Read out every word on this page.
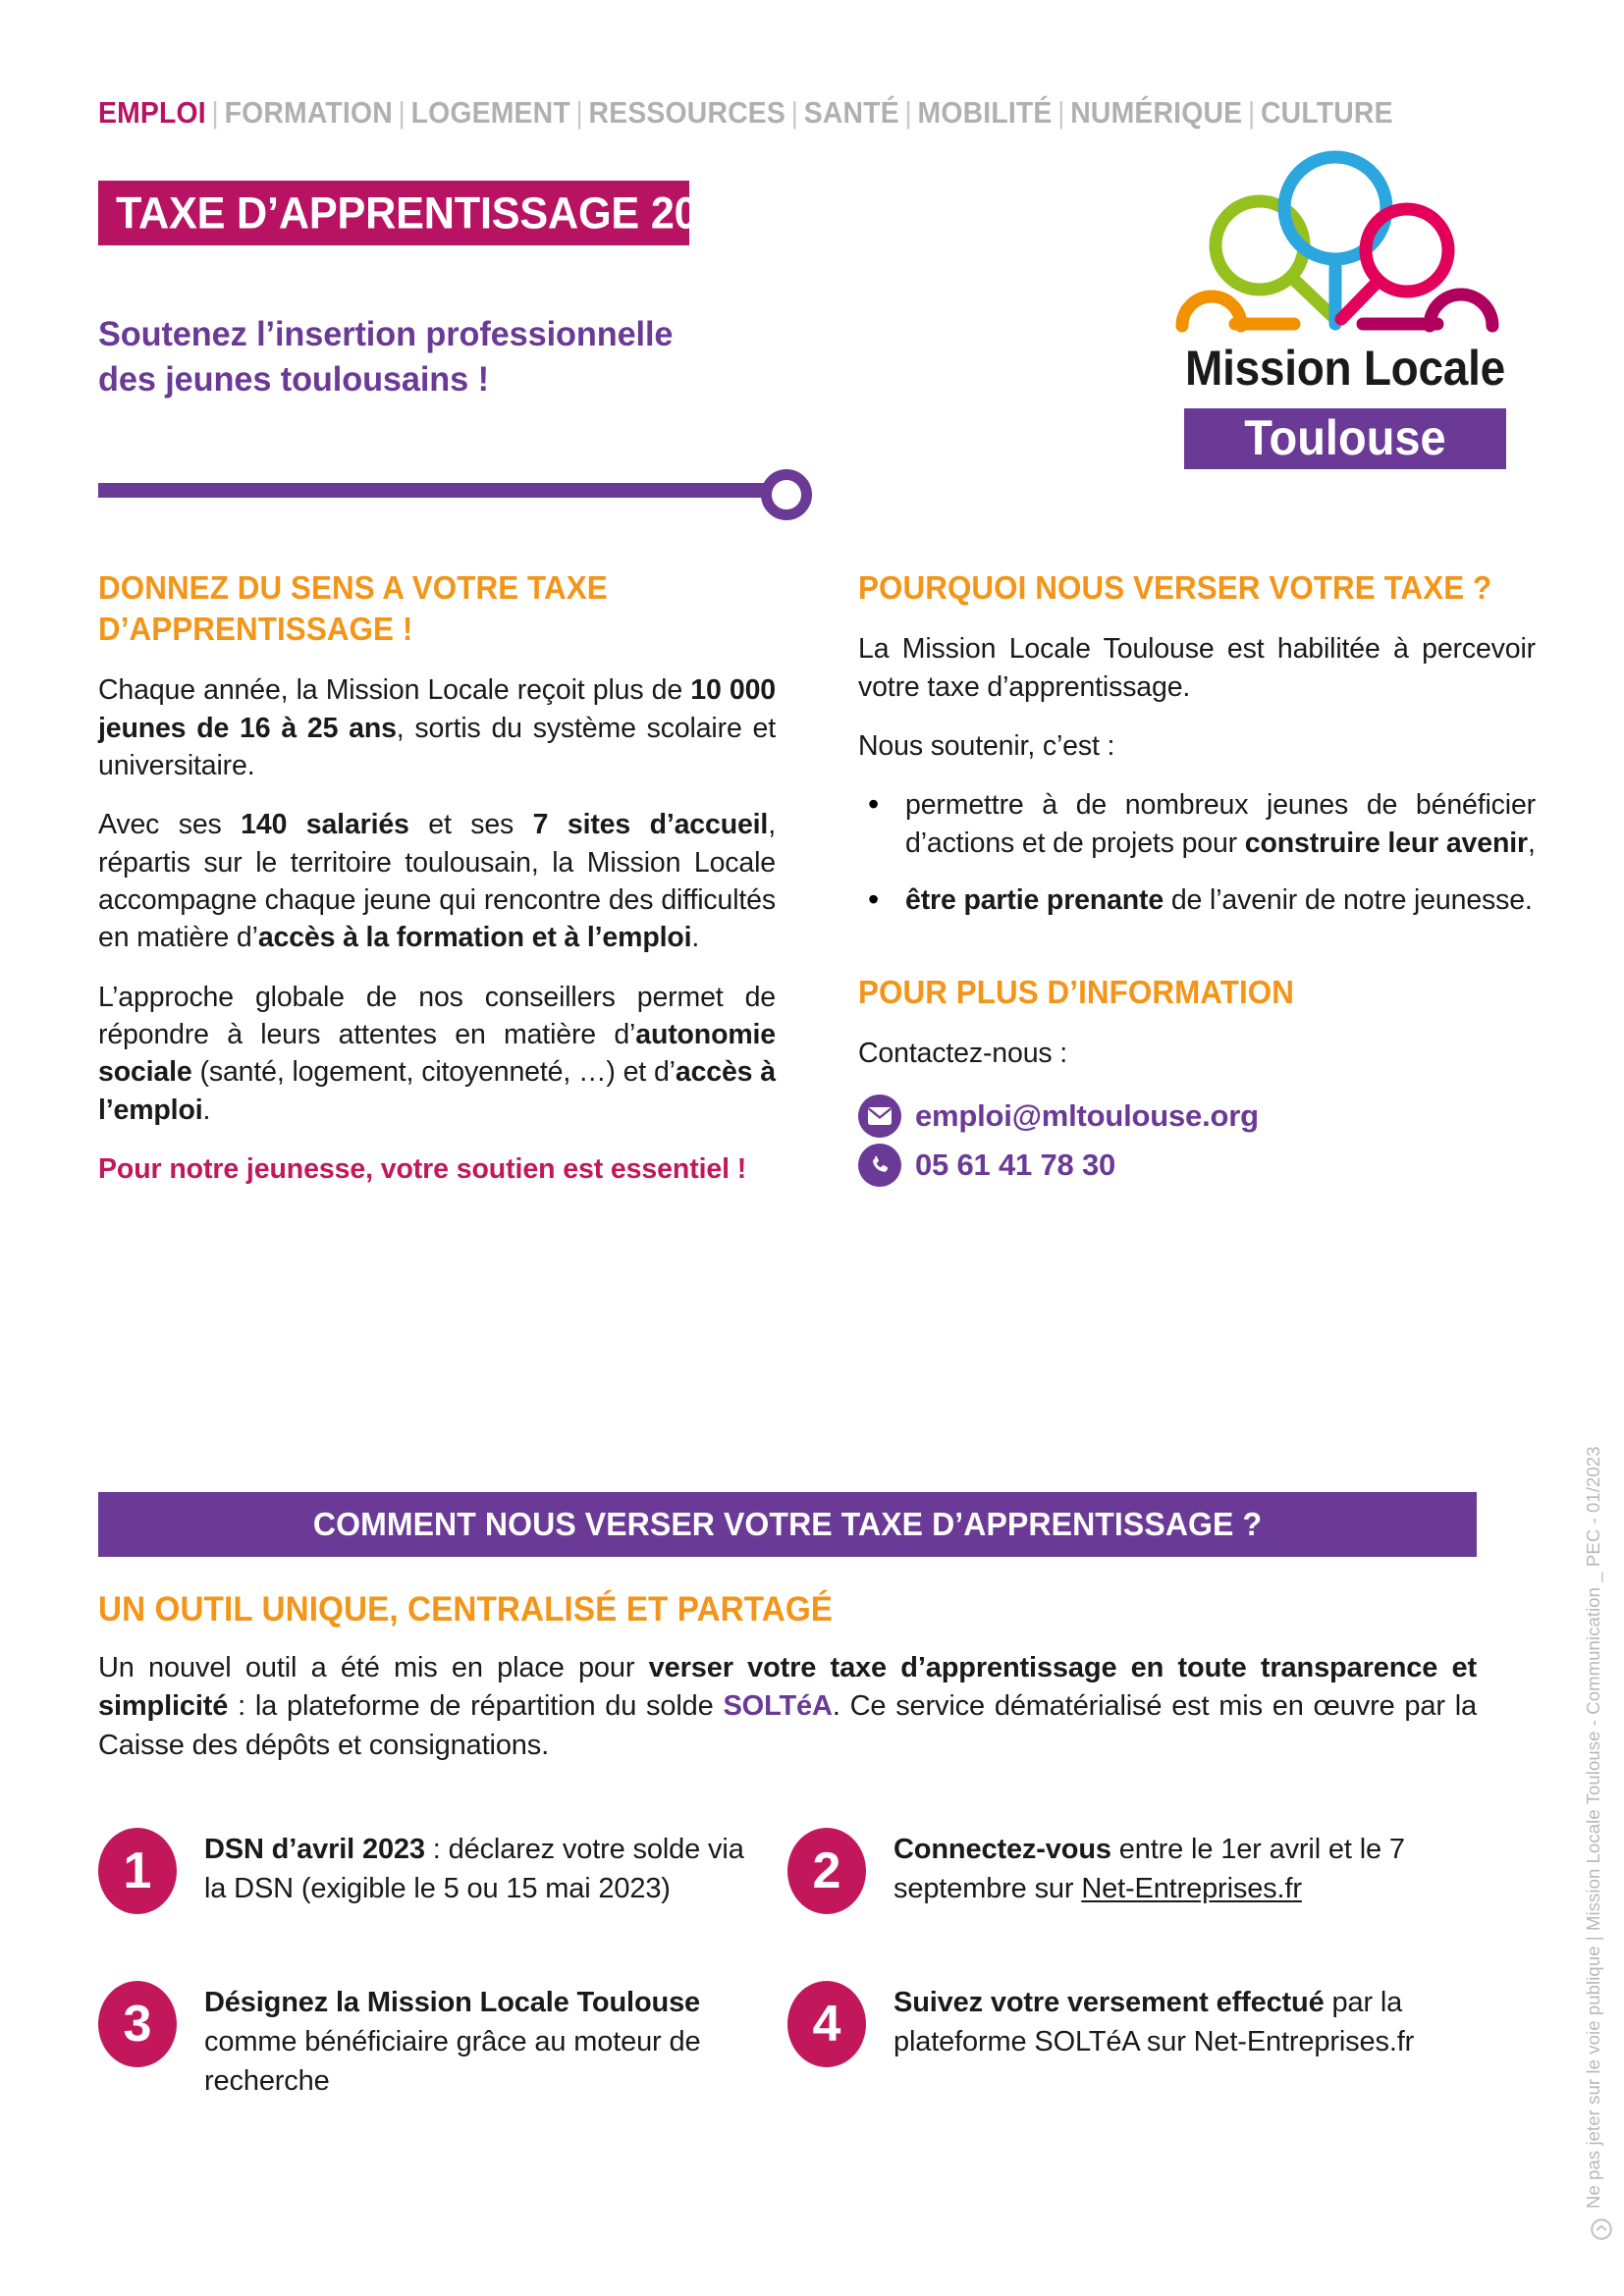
EMPLOI | FORMATION | LOGEMENT | RESSOURCES | SANTÉ | MOBILITÉ | NUMÉRIQUE | CULTURE
TAXE D’APPRENTISSAGE 2023
Soutenez l’insertion professionnelle
des jeunes toulousains !	Mission Locale
Toulouse
DONNEZ DU SENS A VOTRE TAXE D’APPRENTISSAGE !

Chaque année, la Mission Locale reçoit plus de 10 000 jeunes de 16 à 25 ans, sortis du système scolaire et universitaire.

Avec ses 140 salariés et ses 7 sites d’accueil, répartis sur le territoire toulousain, la Mission Locale accompagne chaque jeune qui rencontre des difficultés en matière d’accès à la formation et à l’emploi.

L’approche globale de nos conseillers permet de répondre à leurs attentes en matière d’autonomie sociale (santé, logement, citoyenneté, …) et d’accès à l’emploi.

Pour notre jeunesse, votre soutien est essentiel !

POURQUOI NOUS VERSER VOTRE TAXE ?

La Mission Locale Toulouse est habilitée à percevoir votre taxe d’apprentissage.

Nous soutenir, c’est :

• permettre à de nombreux jeunes de bénéficier d’actions et de projets pour construire leur avenir,
• être partie prenante de l’avenir de notre jeunesse.
POUR PLUS D’INFORMATION

Contactez-nous :

emploi@mltoulouse.org
05 61 41 78 30
COMMENT NOUS VERSER VOTRE TAXE D’APPRENTISSAGE ?
UN OUTIL UNIQUE, CENTRALISÉ ET PARTAGÉ
Un nouvel outil a été mis en place pour verser votre taxe d’apprentissage en toute transparence et simplicité : la plateforme de répartition du solde SOLTéA. Ce service dématérialisé est mis en œuvre par la Caisse des dépôts et consignations.
1	DSN d’avril 2023 : déclarez votre solde via la DSN (exigible le 5 ou 15 mai 2023)	2	Connectez-vous entre le 1er avril et le 7 septembre sur Net-Entreprises.fr
3	Désignez la Mission Locale Toulouse comme bénéficiaire grâce au moteur de recherche
4	Suivez votre versement effectué par la plateforme SOLTéA sur Net-Entreprises.fr	Ne pas jeter sur le voie publique | Mission Locale Toulouse - Communication _ PEC - 01/2023
